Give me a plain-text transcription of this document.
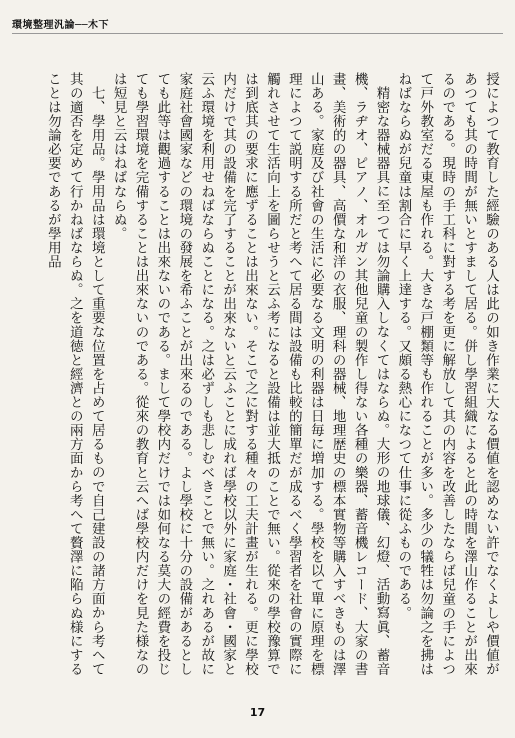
環境整理汎論──木下

授によつて教育した經驗のある人は此の如き作業に大なる價値を認めない許でなくよしや價値があつても其の時間が無いとすまして居る。併し學習組織によると此の時間を澤山作ることが出來るのである。現時の手工科に對する考を更に解放して其の内容を改善したならば兒童の手によつて戸外教室だる東屋も作れる。大きな戸棚類等も作れることが多い。多少の犠牲は勿論之を拂はねばならぬが兒童は割合に早く上達する。又頗る熱心になつて仕事に從ふものである。

精密な器械器具に至つては勿論購入しなくてはならぬ。大形の地球儀、幻燈、活動寫眞、蓄音機、ラヂオ、ピアノ、オルガン其他兒童の製作し得ない各種の樂器、蓄音機レコード、大家の書畫、美術的の器具、高價な和洋の衣服、理科の器械、地理歴史の標本實物等購入すべきものは澤山ある。家庭及び社會の生活に必要なる文明の利器は日毎に増加する。學校を以て單に原理を標理によつて説明する所だと考へて居る間は設備も比較的簡單だが成るべく學習者を社會の實際に觸れさせて生活向上を圖らせうと云ふ考になると設備は並大抵のことで無い。從來の學校豫算では到底其の要求に應ずることは出來ない。そこで之に對する種々の工夫計畫が生れる。更に學校内だけで其の設備を完了することが出來ないと云ふことに成れば學校以外に家庭・社會・國家と云ふ環境を利用せねばならぬことになる。之は必ずしも悲しむべきことで無い。之れあるが故に家庭社會國家などの環境の發展を希ふことが出來るのである。よし學校に十分の設備があるとしても此等は觀過することは出來ないのである。まして學校内だけでは如何なる莫大の經費を投じても學習環境を完備することは出來ないのである。從來の教育と云へば學校内だけを見た様なのは短見と云はねばならぬ。

七、學用品。學用品は環境として重要な位置を占めて居るもので自己建設の諸方面から考へて其の適否を定めて行かねばならぬ。之を道徳と經濟との兩方面から考へて贅澤に陥らぬ様にすることは勿論必要であるが學用品

17
